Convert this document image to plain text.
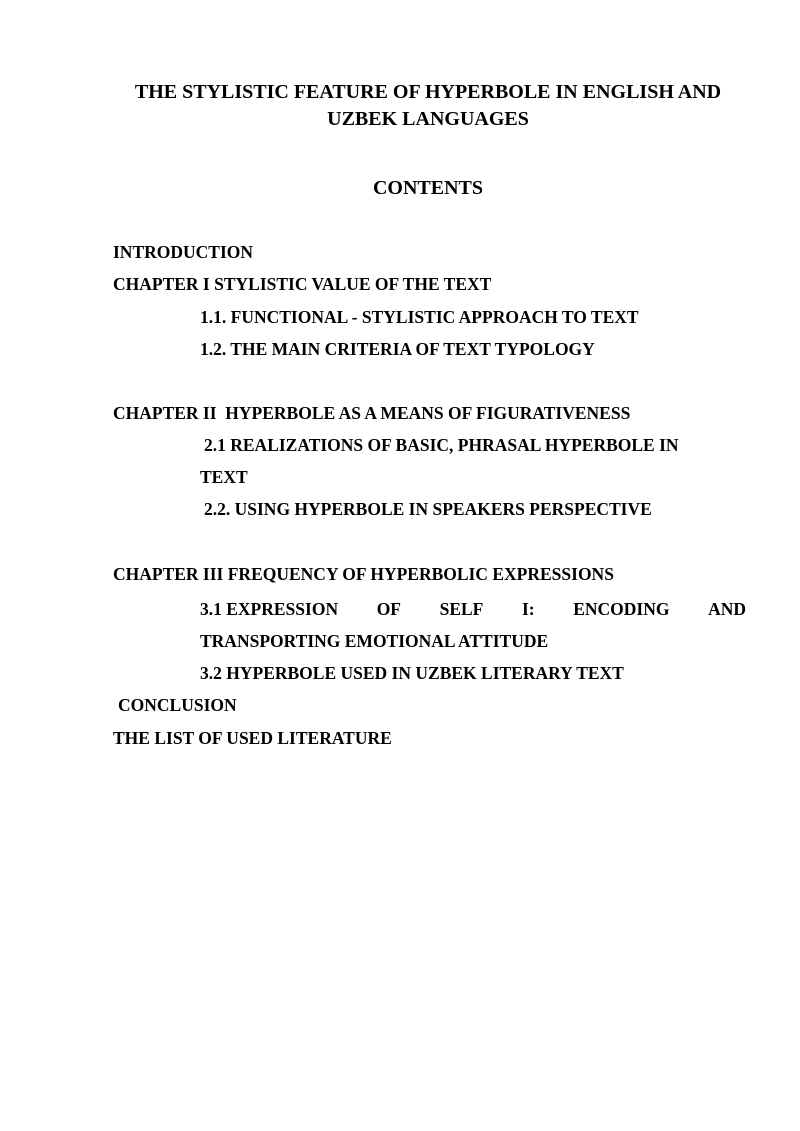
THE STYLISTIC FEATURE OF HYPERBOLE IN ENGLISH AND UZBEK LANGUAGES
CONTENTS
INTRODUCTION
CHAPTER I STYLISTIC VALUE OF THE TEXT
1.1. FUNCTIONAL - STYLISTIC APPROACH TO TEXT
1.2. THE MAIN CRITERIA OF TEXT TYPOLOGY
CHAPTER II  HYPERBOLE AS A MEANS OF FIGURATIVENESS
2.1 REALIZATIONS OF BASIC, PHRASAL HYPERBOLE IN
TEXT
2.2. USING HYPERBOLE IN SPEAKERS PERSPECTIVE
CHAPTER III FREQUENCY OF HYPERBOLIC EXPRESSIONS
3.1 EXPRESSION OF SELF I: ENCODING AND
TRANSPORTING EMOTIONAL ATTITUDE
3.2 HYPERBOLE USED IN UZBEK LITERARY TEXT
CONCLUSION
THE LIST OF USED LITERATURE
